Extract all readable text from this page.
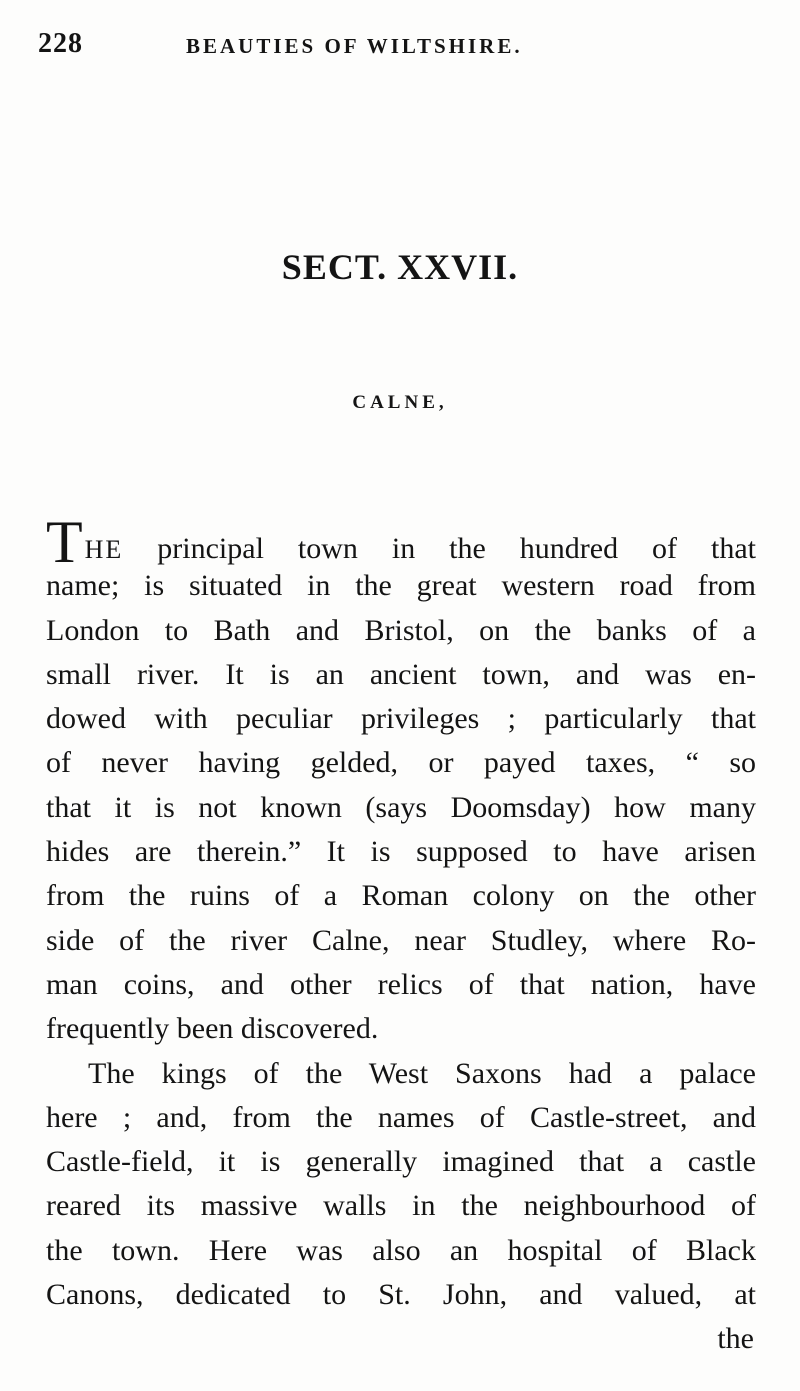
228	BEAUTIES OF WILTSHIRE.
SECT. XXVII.
CALNE,
THE principal town in the hundred of that
name; is situated in the great western road from
London to Bath and Bristol, on the banks of a
small river. It is an ancient town, and was en-
dowed with peculiar privileges ; particularly that
of never having gelded, or payed taxes, “ so
that it is not known (says Doomsday) how many
hides are therein.” It is supposed to have arisen
from the ruins of a Roman colony on the other
side of the river Calne, near Studley, where Ro-
man coins, and other relics of that nation, have
frequently been discovered.
The kings of the West Saxons had a palace
here ; and, from the names of Castle-street, and
Castle-field, it is generally imagined that a castle
reared its massive walls in the neighbourhood of
the town. Here was also an hospital of Black
Canons, dedicated to St. John, and valued, at
the
